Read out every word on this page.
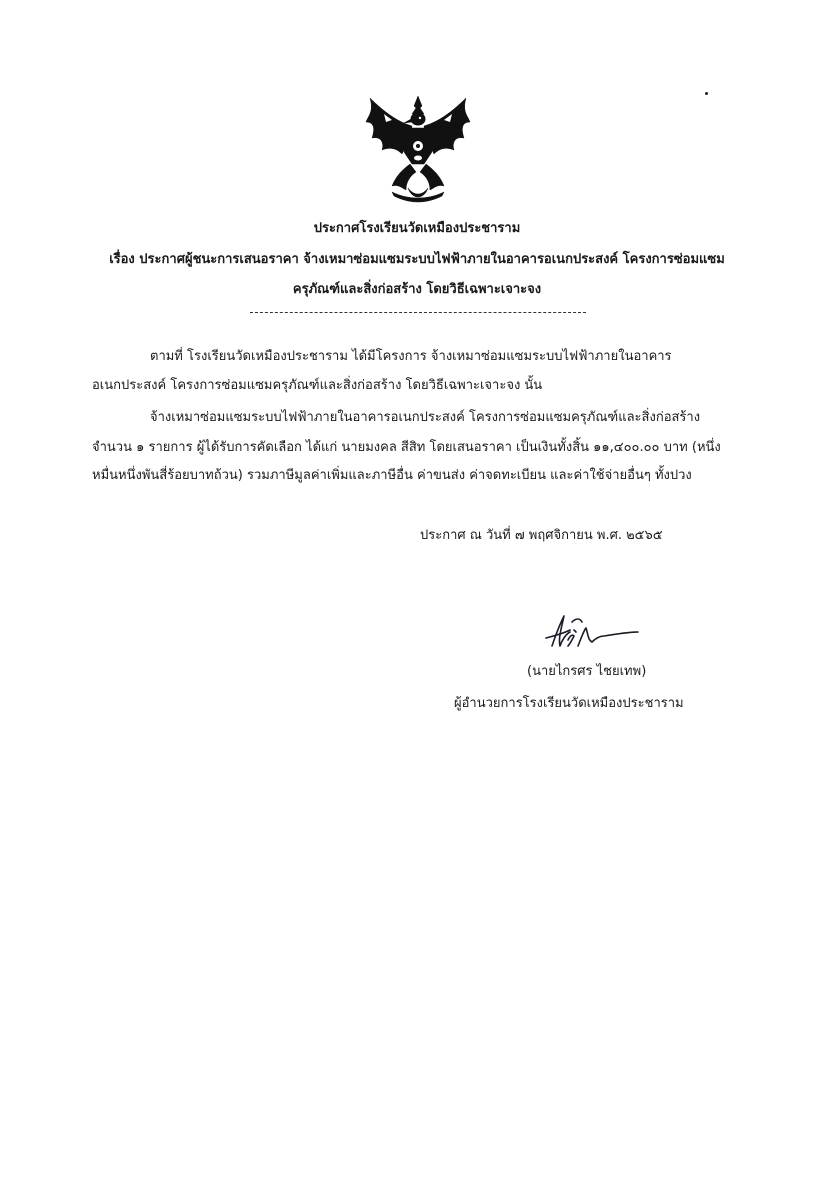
ประกาศโรงเรียนวัดเหมืองประชาราม
เรื่อง ประกาศผู้ชนะการเสนอราคา จ้างเหมาซ่อมแซมระบบไฟฟ้าภายในอาคารอเนกประสงค์ โครงการซ่อมแซม
ครุภัณฑ์และสิ่งก่อสร้าง โดยวิธีเฉพาะเจาะจง
ตามที่ โรงเรียนวัดเหมืองประชาราม ได้มีโครงการ จ้างเหมาซ่อมแซมระบบไฟฟ้าภายในอาคาร
อเนกประสงค์ โครงการซ่อมแซมครุภัณฑ์และสิ่งก่อสร้าง โดยวิธีเฉพาะเจาะจง นั้น
จ้างเหมาซ่อมแซมระบบไฟฟ้าภายในอาคารอเนกประสงค์ โครงการซ่อมแซมครุภัณฑ์และสิ่งก่อสร้าง
จำนวน ๑ รายการ ผู้ได้รับการคัดเลือก ได้แก่ นายมงคล สีสิท โดยเสนอราคา เป็นเงินทั้งสิ้น ๑๑,๔๐๐.๐๐ บาท (หนึ่ง
หมื่นหนึ่งพันสี่ร้อยบาทถ้วน) รวมภาษีมูลค่าเพิ่มและภาษีอื่น ค่าขนส่ง ค่าจดทะเบียน และค่าใช้จ่ายอื่นๆ ทั้งปวง
ประกาศ ณ วันที่ ๗ พฤศจิกายน พ.ศ. ๒๕๖๕
(นายไกรศร ไชยเทพ)
ผู้อำนวยการโรงเรียนวัดเหมืองประชาราม
